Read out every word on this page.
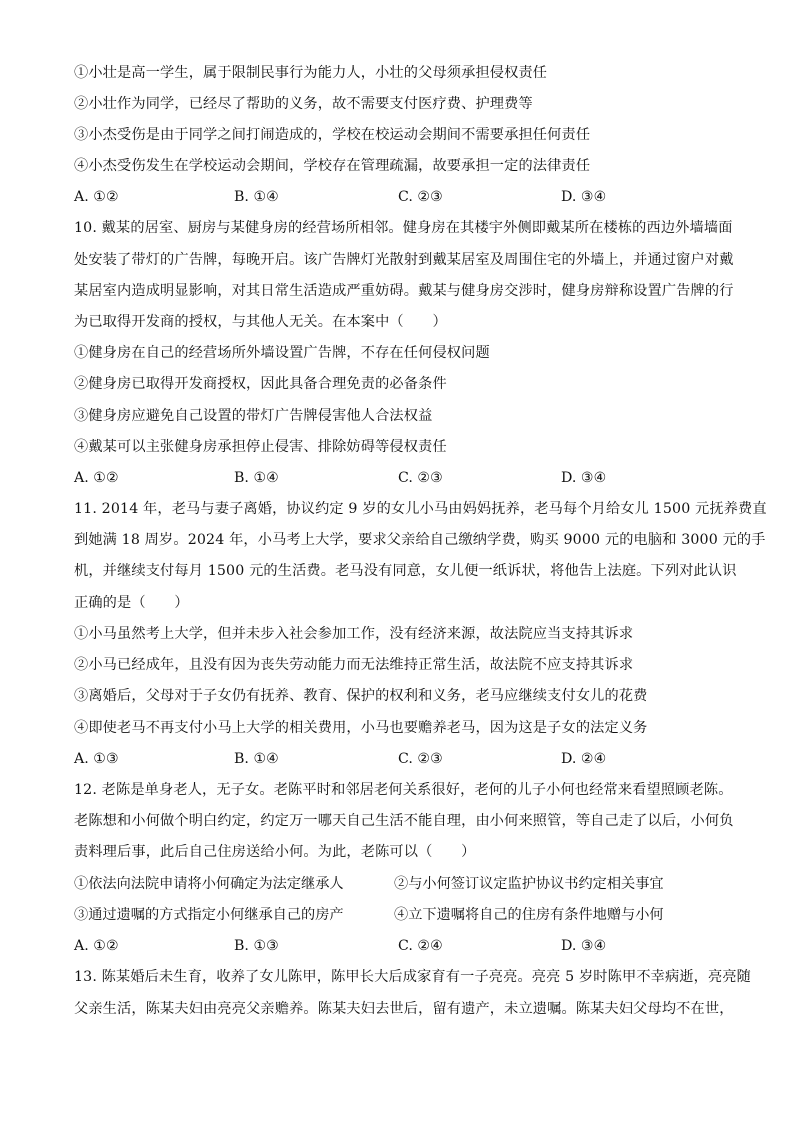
①小壮是高一学生，属于限制民事行为能力人，小壮的父母须承担侵权责任
②小壮作为同学，已经尽了帮助的义务，故不需要支付医疗费、护理费等
③小杰受伤是由于同学之间打闹造成的，学校在校运动会期间不需要承担任何责任
④小杰受伤发生在学校运动会期间，学校存在管理疏漏，故要承担一定的法律责任
A. ①②	B. ①④	C. ②③	D. ③④
10. 戴某的居室、厨房与某健身房的经营场所相邻。健身房在其楼宇外侧即戴某所在楼栋的西边外墙墙面
处安装了带灯的广告牌，每晚开启。该广告牌灯光散射到戴某居室及周围住宅的外墙上，并通过窗户对戴
某居室内造成明显影响，对其日常生活造成严重妨碍。戴某与健身房交涉时，健身房辩称设置广告牌的行
为已取得开发商的授权，与其他人无关。在本案中（　　）
①健身房在自己的经营场所外墙设置广告牌，不存在任何侵权问题
②健身房已取得开发商授权，因此具备合理免责的必备条件
③健身房应避免自己设置的带灯广告牌侵害他人合法权益
④戴某可以主张健身房承担停止侵害、排除妨碍等侵权责任
A. ①②	B. ①④	C. ②③	D. ③④
11. 2014 年，老马与妻子离婚，协议约定 9 岁的女儿小马由妈妈抚养，老马每个月给女儿 1500 元抚养费直
到她满 18 周岁。2024 年，小马考上大学，要求父亲给自己缴纳学费，购买 9000 元的电脑和 3000 元的手
机，并继续支付每月 1500 元的生活费。老马没有同意，女儿便一纸诉状，将他告上法庭。下列对此认识
正确的是（　　）
①小马虽然考上大学，但并未步入社会参加工作，没有经济来源，故法院应当支持其诉求
②小马已经成年，且没有因为丧失劳动能力而无法维持正常生活，故法院不应支持其诉求
③离婚后，父母对于子女仍有抚养、教育、保护的权利和义务，老马应继续支付女儿的花费
④即使老马不再支付小马上大学的相关费用，小马也要赡养老马，因为这是子女的法定义务
A. ①③	B. ①④	C. ②③	D. ②④
12. 老陈是单身老人，无子女。老陈平时和邻居老何关系很好，老何的儿子小何也经常来看望照顾老陈。
老陈想和小何做个明白约定，约定万一哪天自己生活不能自理，由小何来照管，等自己走了以后，小何负
责料理后事，此后自己住房送给小何。为此，老陈可以（　　）
①依法向法院申请将小何确定为法定继承人	②与小何签订议定监护协议书约定相关事宜
③通过遗嘱的方式指定小何继承自己的房产	④立下遗嘱将自己的住房有条件地赠与小何
A. ①②	B. ①③	C. ②④	D. ③④
13. 陈某婚后未生育，收养了女儿陈甲，陈甲长大后成家育有一子亮亮。亮亮 5 岁时陈甲不幸病逝，亮亮随
父亲生活，陈某夫妇由亮亮父亲赡养。陈某夫妇去世后，留有遗产，未立遗嘱。陈某夫妇父母均不在世，
